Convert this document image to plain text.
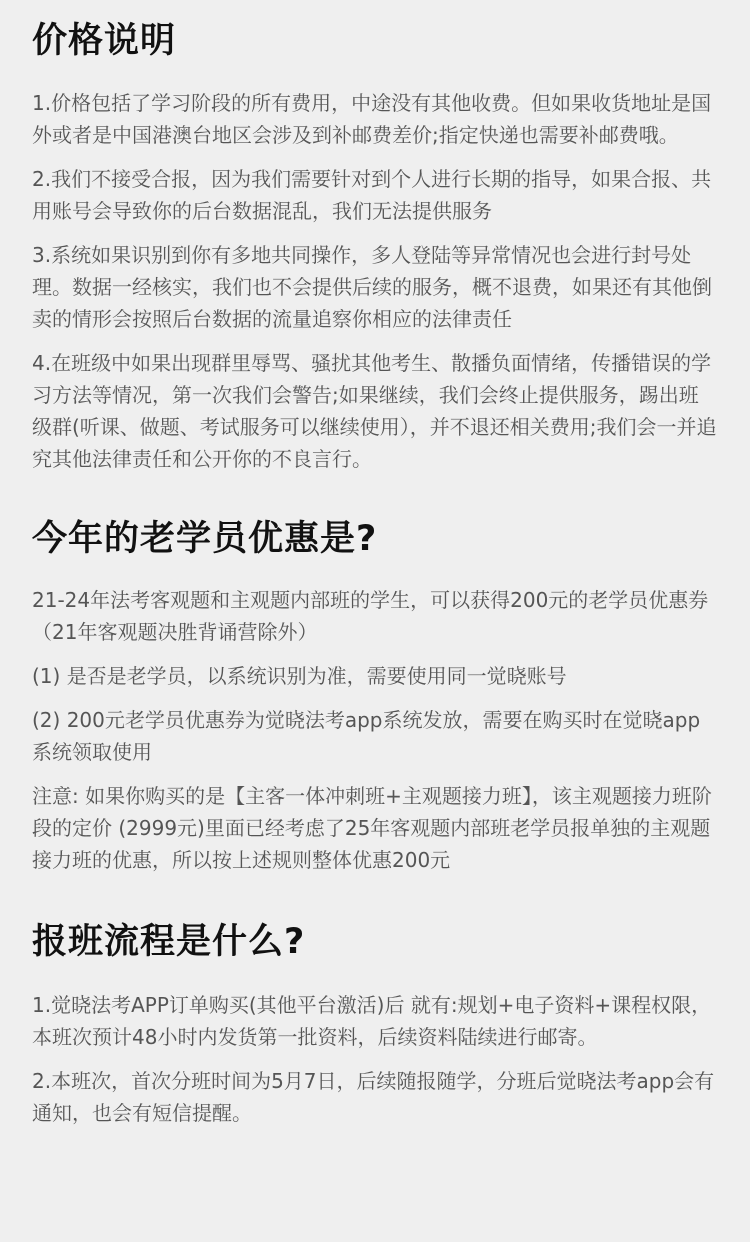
价格说明

1.价格包括了学习阶段的所有费用，中途没有其他收费。但如果收货地址是国外或者是中国港澳台地区会涉及到补邮费差价;指定快递也需要补邮费哦。

2.我们不接受合报，因为我们需要针对到个人进行长期的指导，如果合报、共用账号会导致你的后台数据混乱，我们无法提供服务

3.系统如果识别到你有多地共同操作，多人登陆等异常情况也会进行封号处理。数据一经核实，我们也不会提供后续的服务，概不退费，如果还有其他倒卖的情形会按照后台数据的流量追察你相应的法律责任

4.在班级中如果出现群里辱骂、骚扰其他考生、散播负面情绪，传播错误的学习方法等情况，第一次我们会警告;如果继续，我们会终止提供服务，踢出班级群(听课、做题、考试服务可以继续使用），并不退还相关费用;我们会一并追究其他法律责任和公开你的不良言行。

今年的老学员优惠是?

21-24年法考客观题和主观题内部班的学生，可以获得200元的老学员优惠券（21年客观题决胜背诵营除外）

(1) 是否是老学员，以系统识别为准，需要使用同一觉晓账号

(2) 200元老学员优惠券为觉晓法考app系统发放，需要在购买时在觉晓app系统领取使用

注意: 如果你购买的是【主客一体冲刺班+主观题接力班】，该主观题接力班阶段的定价 (2999元)里面已经考虑了25年客观题内部班老学员报单独的主观题接力班的优惠，所以按上述规则整体优惠200元

报班流程是什么?

1.觉晓法考APP订单购买(其他平台激活)后 就有:规划+电子资料+课程权限，本班次预计48小时内发货第一批资料，后续资料陆续进行邮寄。

2.本班次，首次分班时间为5月7日，后续随报随学，分班后觉晓法考app会有通知，也会有短信提醒。
